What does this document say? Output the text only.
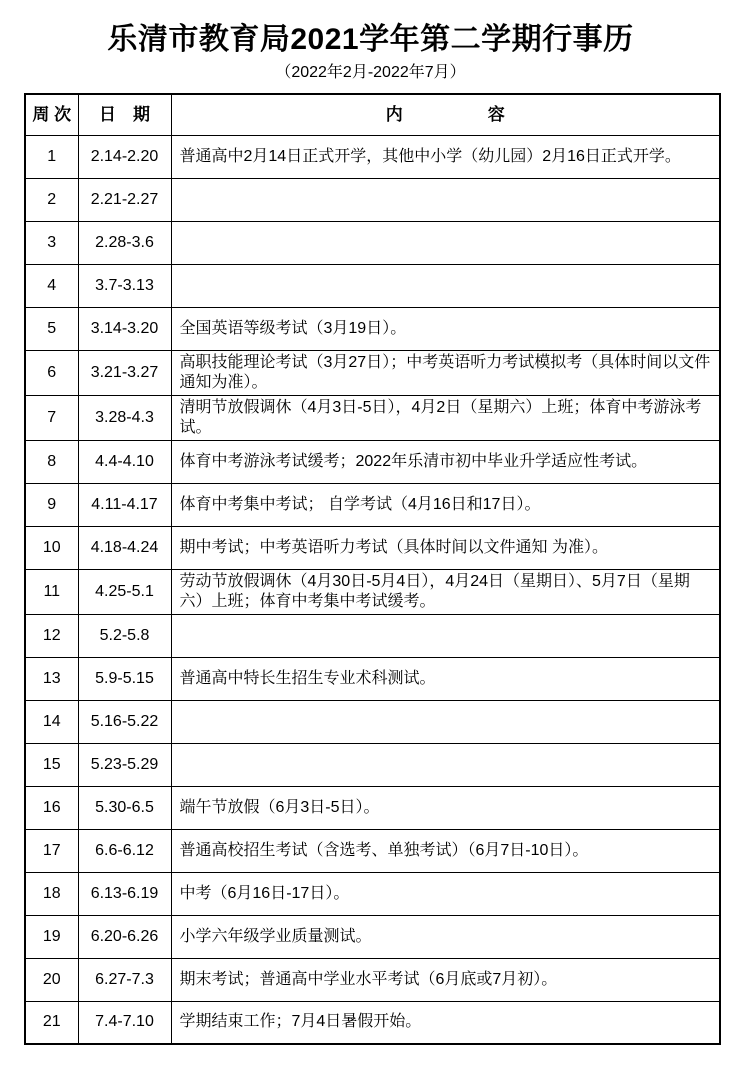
乐清市教育局2021学年第二学期行事历
（2022年2月-2022年7月）
周 次	日　期	内　　　　　容
1	2.14-2.20	普通高中2月14日正式开学，其他中小学（幼儿园）2月16日正式开学。
2	2.21-2.27	
3	2.28-3.6	
4	3.7-3.13	
5	3.14-3.20	全国英语等级考试（3月19日）。
6	3.21-3.27	高职技能理论考试（3月27日）；中考英语听力考试模拟考（具体时间以文件通知为准）。
7	3.28-4.3	清明节放假调休（4月3日-5日），4月2日（星期六）上班；体育中考游泳考试。
8	4.4-4.10	体育中考游泳考试缓考；2022年乐清市初中毕业升学适应性考试。
9	4.11-4.17	体育中考集中考试； 自学考试（4月16日和17日）。
10	4.18-4.24	期中考试；中考英语听力考试（具体时间以文件通知 为准）。
11	4.25-5.1	劳动节放假调休（4月30日-5月4日），4月24日（星期日）、5月7日（星期六）上班；体育中考集中考试缓考。
12	5.2-5.8	
13	5.9-5.15	普通高中特长生招生专业术科测试。
14	5.16-5.22	
15	5.23-5.29	
16	5.30-6.5	端午节放假（6月3日-5日）。
17	6.6-6.12	普通高校招生考试（含选考、单独考试）（6月7日-10日）。
18	6.13-6.19	中考（6月16日-17日）。
19	6.20-6.26	小学六年级学业质量测试。
20	6.27-7.3	期末考试；普通高中学业水平考试（6月底或7月初）。
21	7.4-7.10	学期结束工作；7月4日暑假开始。
